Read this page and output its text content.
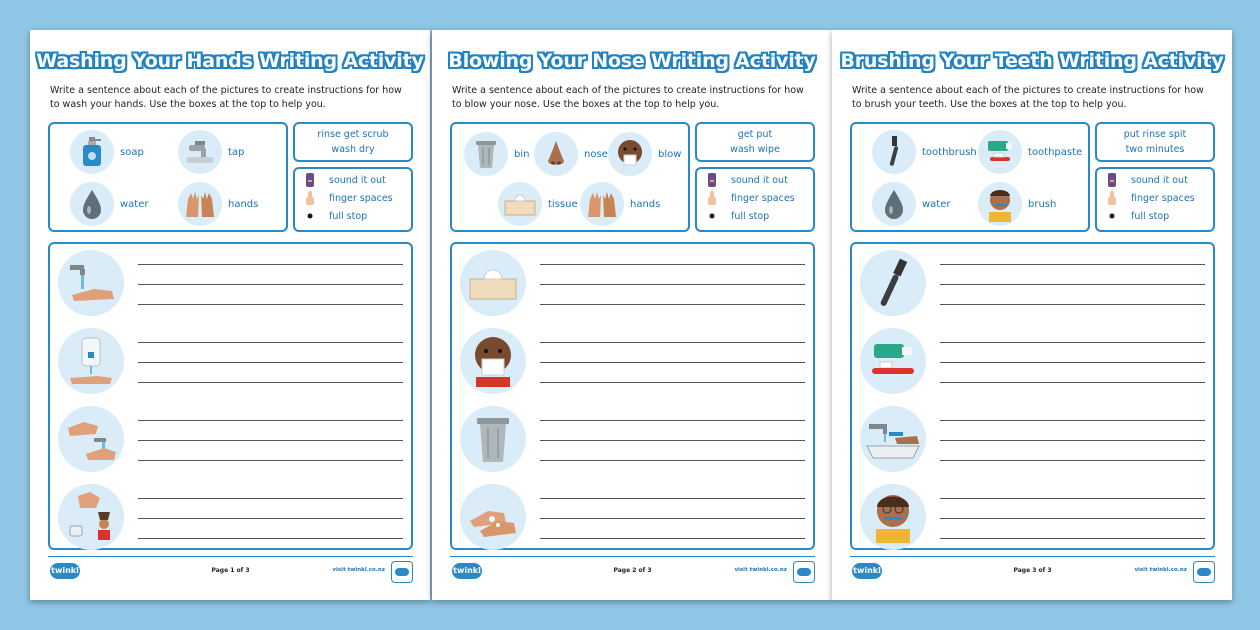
Washing Your Hands Writing Activity
Write a sentence about each of the pictures to create instructions for how to wash your hands. Use the boxes at the top to help you.
soap	tap
water	hands
rinse get scrub
wash dry
sound it out
finger spaces
full stop
twinkl	Page 1 of 3	visit twinkl.co.nz
Blowing Your Nose Writing Activity
Write a sentence about each of the pictures to create instructions for how to blow your nose. Use the boxes at the top to help you.
bin	nose	blow
tissue	hands
get put
wash wipe
sound it out
finger spaces
full stop
twinkl	Page 2 of 3	visit twinkl.co.nz
Brushing Your Teeth Writing Activity
Write a sentence about each of the pictures to create instructions for how to brush your teeth. Use the boxes at the top to help you.
toothbrush	toothpaste
water	brush
put rinse spit
two minutes
sound it out
finger spaces
full stop
twinkl	Page 3 of 3	visit twinkl.co.nz
